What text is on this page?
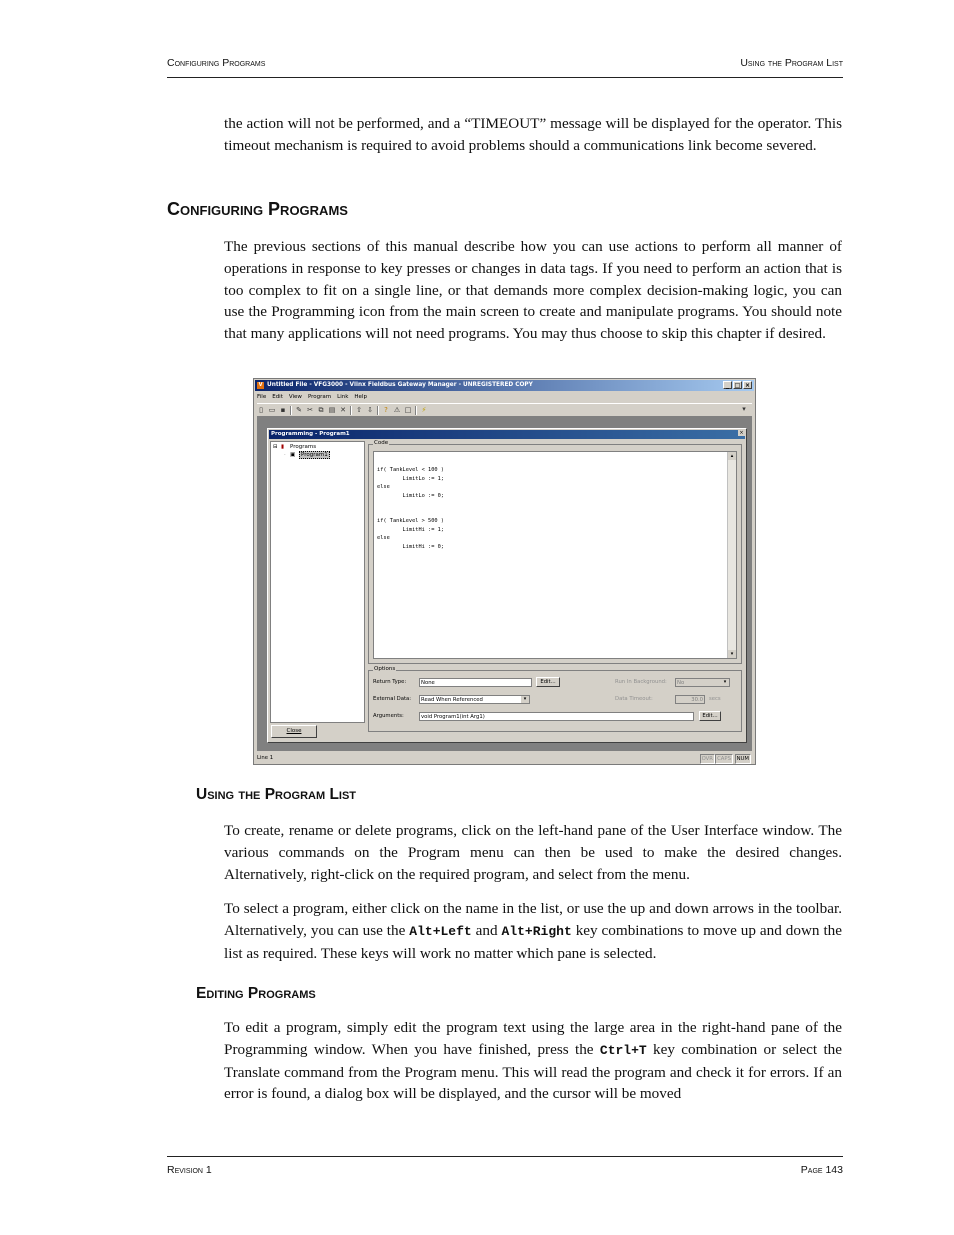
Configuring Programs	Using the Program List

the action will not be performed, and a “TIMEOUT” message will be displayed for the operator. This timeout mechanism is required to avoid problems should a communications link become severed.

Configuring Programs

The previous sections of this manual describe how you can use actions to perform all manner of operations in response to key presses or changes in data tags. If you need to perform an action that is too complex to fit on a single line, or that demands more complex decision-making logic, you can use the Programming icon from the main screen to create and manipulate programs. You should note that many applications will not need programs. You may thus choose to skip this chapter if desired.

V Untitled File - VFG3000 - Vlinx Fieldbus Gateway Manager - UNREGISTERED COPY	_ □ ×
File Edit View Program Link Help
▯ ▭ ▪ ✎ ✂ ⧉ ▤ ✕ ⇧ ⇩	? ⚠ □ ⚡	▾
Programming - Program1	×
⊟ ▮ Programs
· ▣	Program1
Close
Code
if( TankLevel < 100 )
LimitLo := 1;
else
LimitLo := 0;

if( TankLevel > 500 )
LimitHi := 1;
else
LimitHi := 0;
▴
▾
Options
Return Type:	None	Edit...	Run In Background:	No	▾
External Data:	Read When Referenced	▾	Data Timeout:	30.0	secs
Arguments:	void Program1(int Arg1)	Edit...
Line 1	OVR CAPS	NUM
Using the Program List

To create, rename or delete programs, click on the left-hand pane of the User Interface window. The various commands on the Program menu can then be used to make the desired changes. Alternatively, right-click on the required program, and select from the menu.

To select a program, either click on the name in the list, or use the up and down arrows in the toolbar. Alternatively, you can use the Alt+Left and Alt+Right key combinations to move up and down the list as required. These keys will work no matter which pane is selected.

Editing Programs

To edit a program, simply edit the program text using the large area in the right-hand pane of the Programming window. When you have finished, press the Ctrl+T key combination or select the Translate command from the Program menu. This will read the program and check it for errors. If an error is found, a dialog box will be displayed, and the cursor will be moved

Revision 1	Page 143
